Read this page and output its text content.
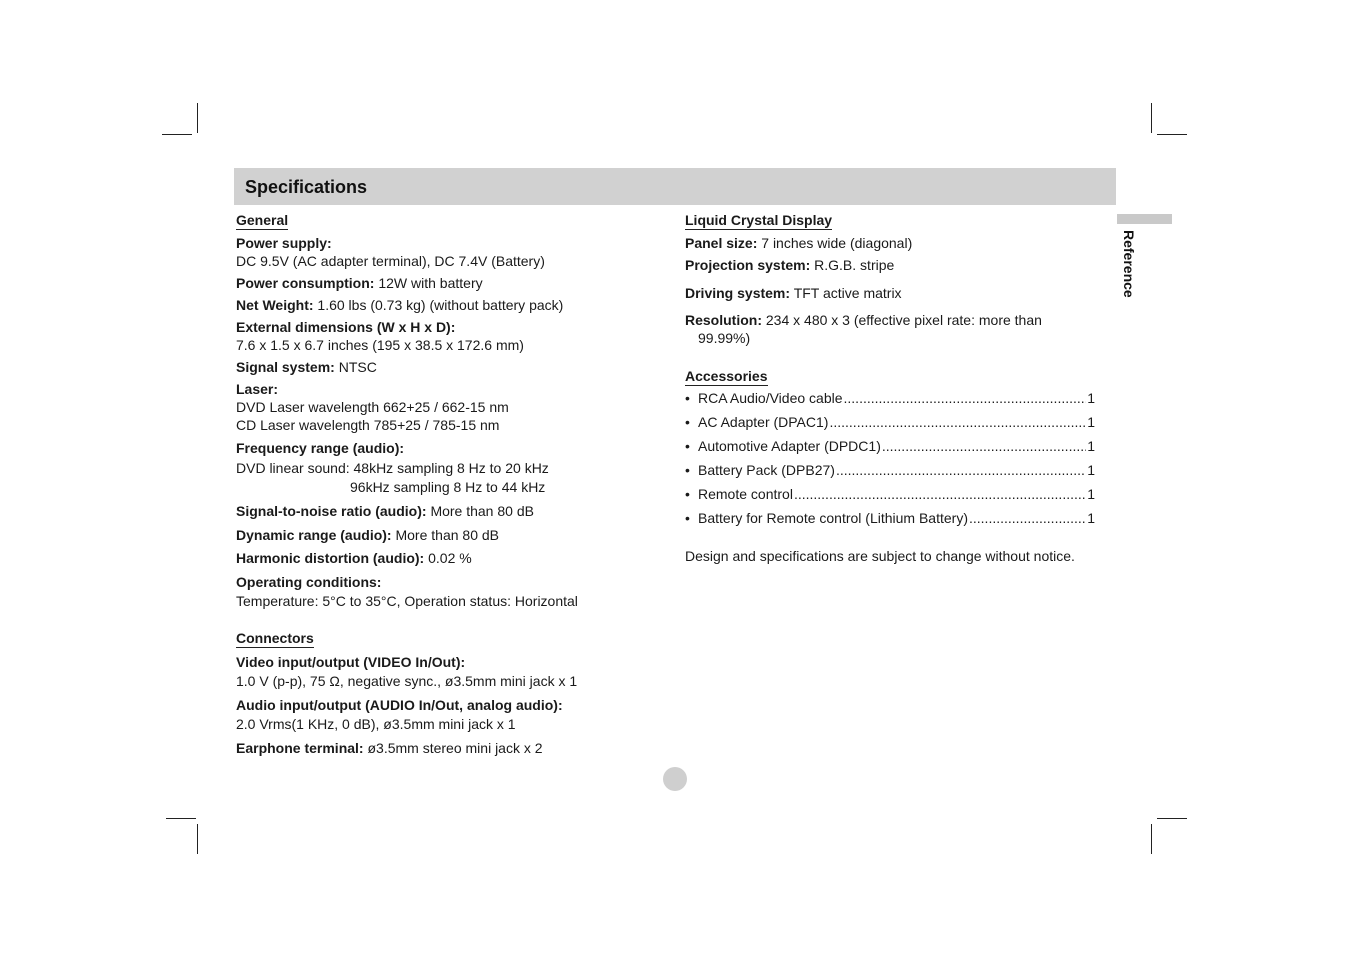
Specifications
Reference
General
Power supply:
DC 9.5V (AC adapter terminal), DC 7.4V (Battery)
Power consumption: 12W with battery
Net Weight: 1.60 lbs (0.73 kg) (without battery pack)
External dimensions (W x H x D):
7.6 x 1.5 x 6.7 inches (195 x 38.5 x 172.6 mm)
Signal system: NTSC
Laser:
DVD Laser wavelength 662+25 / 662-15 nm
CD Laser wavelength 785+25 / 785-15 nm
Frequency range (audio):
DVD linear sound: 48kHz sampling 8 Hz to 20 kHz
96kHz sampling 8 Hz to 44 kHz
Signal-to-noise ratio (audio): More than 80 dB
Dynamic range (audio): More than 80 dB
Harmonic distortion (audio): 0.02 %
Operating conditions:
Temperature: 5°C to 35°C, Operation status: Horizontal
Connectors
Video input/output (VIDEO In/Out):
1.0 V (p-p), 75 Ω, negative sync., ø3.5mm mini jack x 1
Audio input/output (AUDIO In/Out, analog audio):
2.0 Vrms(1 KHz, 0 dB), ø3.5mm mini jack x 1
Earphone terminal: ø3.5mm stereo mini jack x 2
Liquid Crystal Display
Panel size: 7 inches wide (diagonal)
Projection system: R.G.B. stripe
Driving system: TFT active matrix
Resolution: 234 x 480 x 3 (effective pixel rate: more than
99.99%)
Accessories
• RCA Audio/Video cable .....	1
• AC Adapter (DPAC1) .....	1
• Automotive Adapter (DPDC1) .....	1
• Battery Pack (DPB27) .....	1
• Remote control .....	1
• Battery for Remote control (Lithium Battery) .....	1
Design and specifications are subject to change without notice.
